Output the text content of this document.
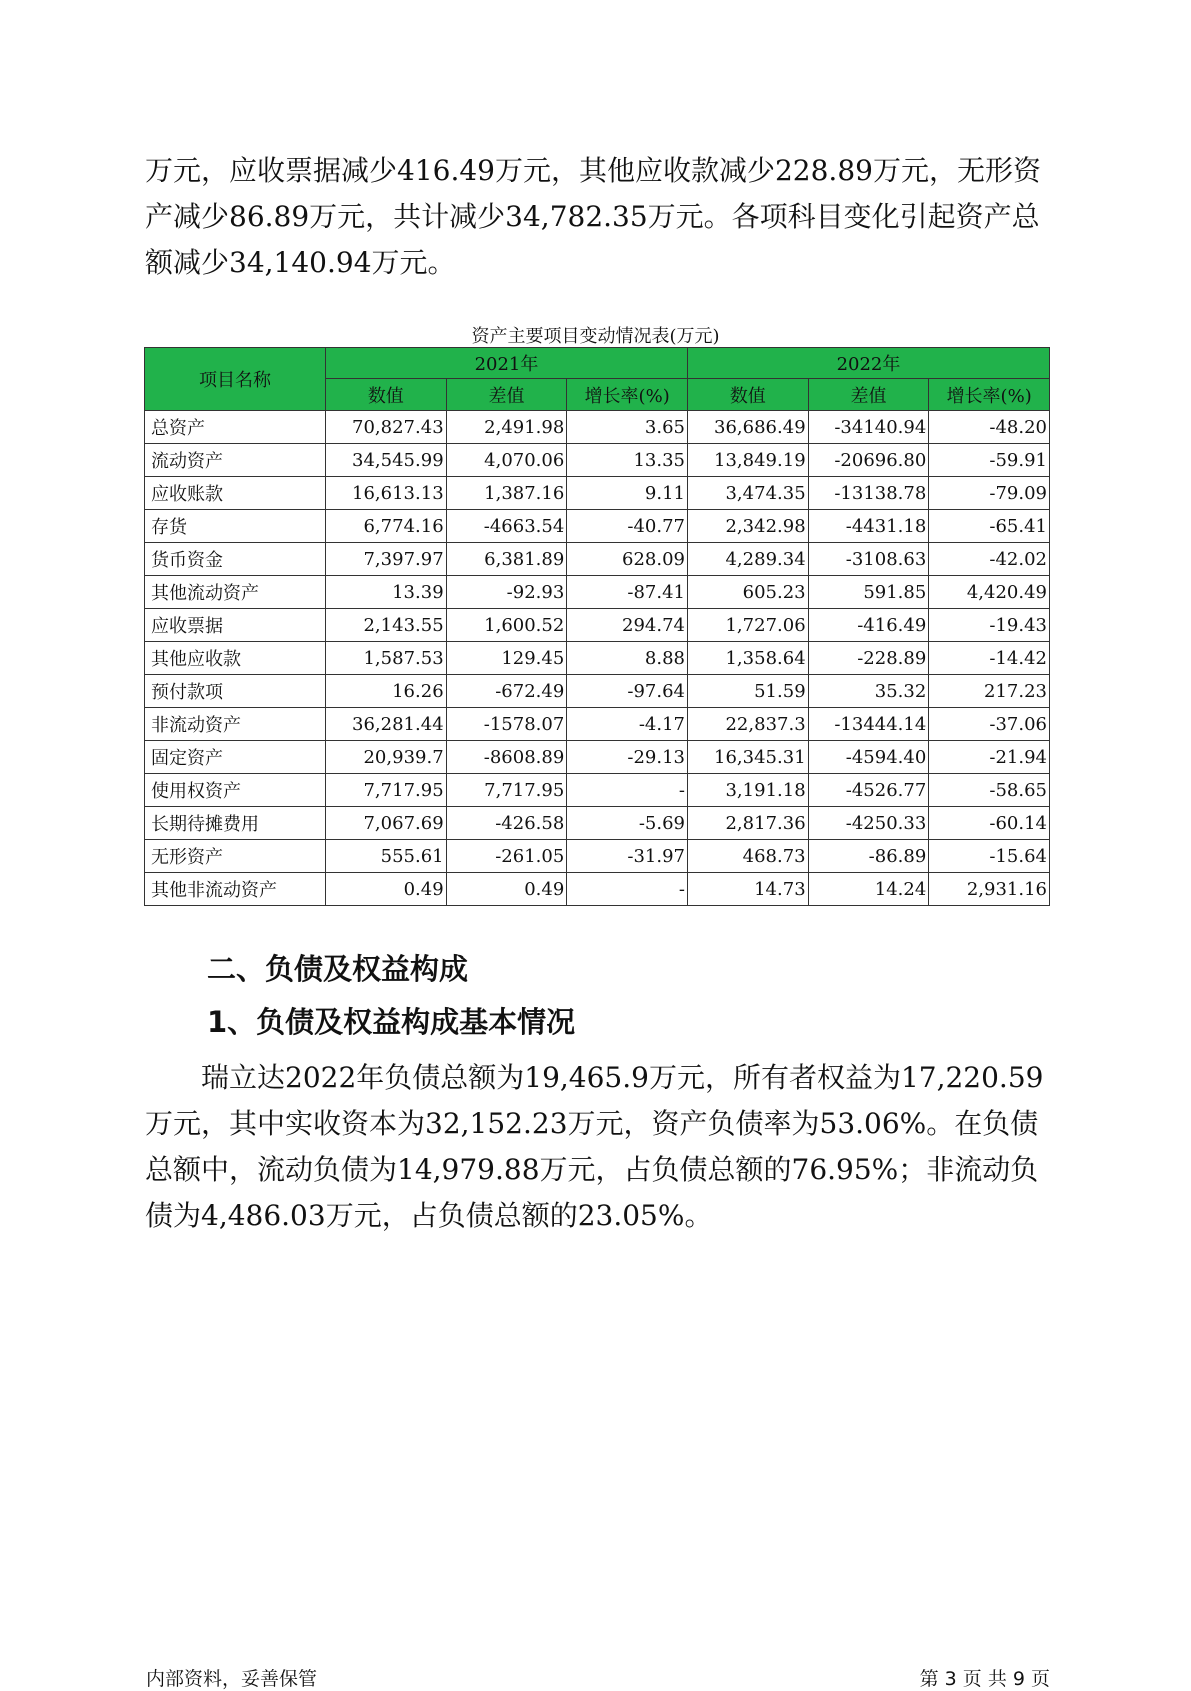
万元，应收票据减少416.49万元，其他应收款减少228.89万元，无形资产减少86.89万元，共计减少34,782.35万元。各项科目变化引起资产总额减少34,140.94万元。

资产主要项目变动情况表(万元)
项目名称	2021年			2022年		
	数值	差值	增长率(%)	数值	差值	增长率(%)
总资产	70,827.43	2,491.98	3.65	36,686.49	-34140.94	-48.20
流动资产	34,545.99	4,070.06	13.35	13,849.19	-20696.80	-59.91
应收账款	16,613.13	1,387.16	9.11	3,474.35	-13138.78	-79.09
存货	6,774.16	-4663.54	-40.77	2,342.98	-4431.18	-65.41
货币资金	7,397.97	6,381.89	628.09	4,289.34	-3108.63	-42.02
其他流动资产	13.39	-92.93	-87.41	605.23	591.85	4,420.49
应收票据	2,143.55	1,600.52	294.74	1,727.06	-416.49	-19.43
其他应收款	1,587.53	129.45	8.88	1,358.64	-228.89	-14.42
预付款项	16.26	-672.49	-97.64	51.59	35.32	217.23
非流动资产	36,281.44	-1578.07	-4.17	22,837.3	-13444.14	-37.06
固定资产	20,939.7	-8608.89	-29.13	16,345.31	-4594.40	-21.94
使用权资产	7,717.95	7,717.95	-	3,191.18	-4526.77	-58.65
长期待摊费用	7,067.69	-426.58	-5.69	2,817.36	-4250.33	-60.14
无形资产	555.61	-261.05	-31.97	468.73	-86.89	-15.64
其他非流动资产	0.49	0.49	-	14.73	14.24	2,931.16
二、负债及权益构成
1、负债及权益构成基本情况

瑞立达2022年负债总额为19,465.9万元，所有者权益为17,220.59万元，其中实收资本为32,152.23万元，资产负债率为53.06%。在负债总额中，流动负债为14,979.88万元，占负债总额的76.95%；非流动负债为4,486.03万元，占负债总额的23.05%。

内部资料，妥善保管	第 3 页 共 9 页
